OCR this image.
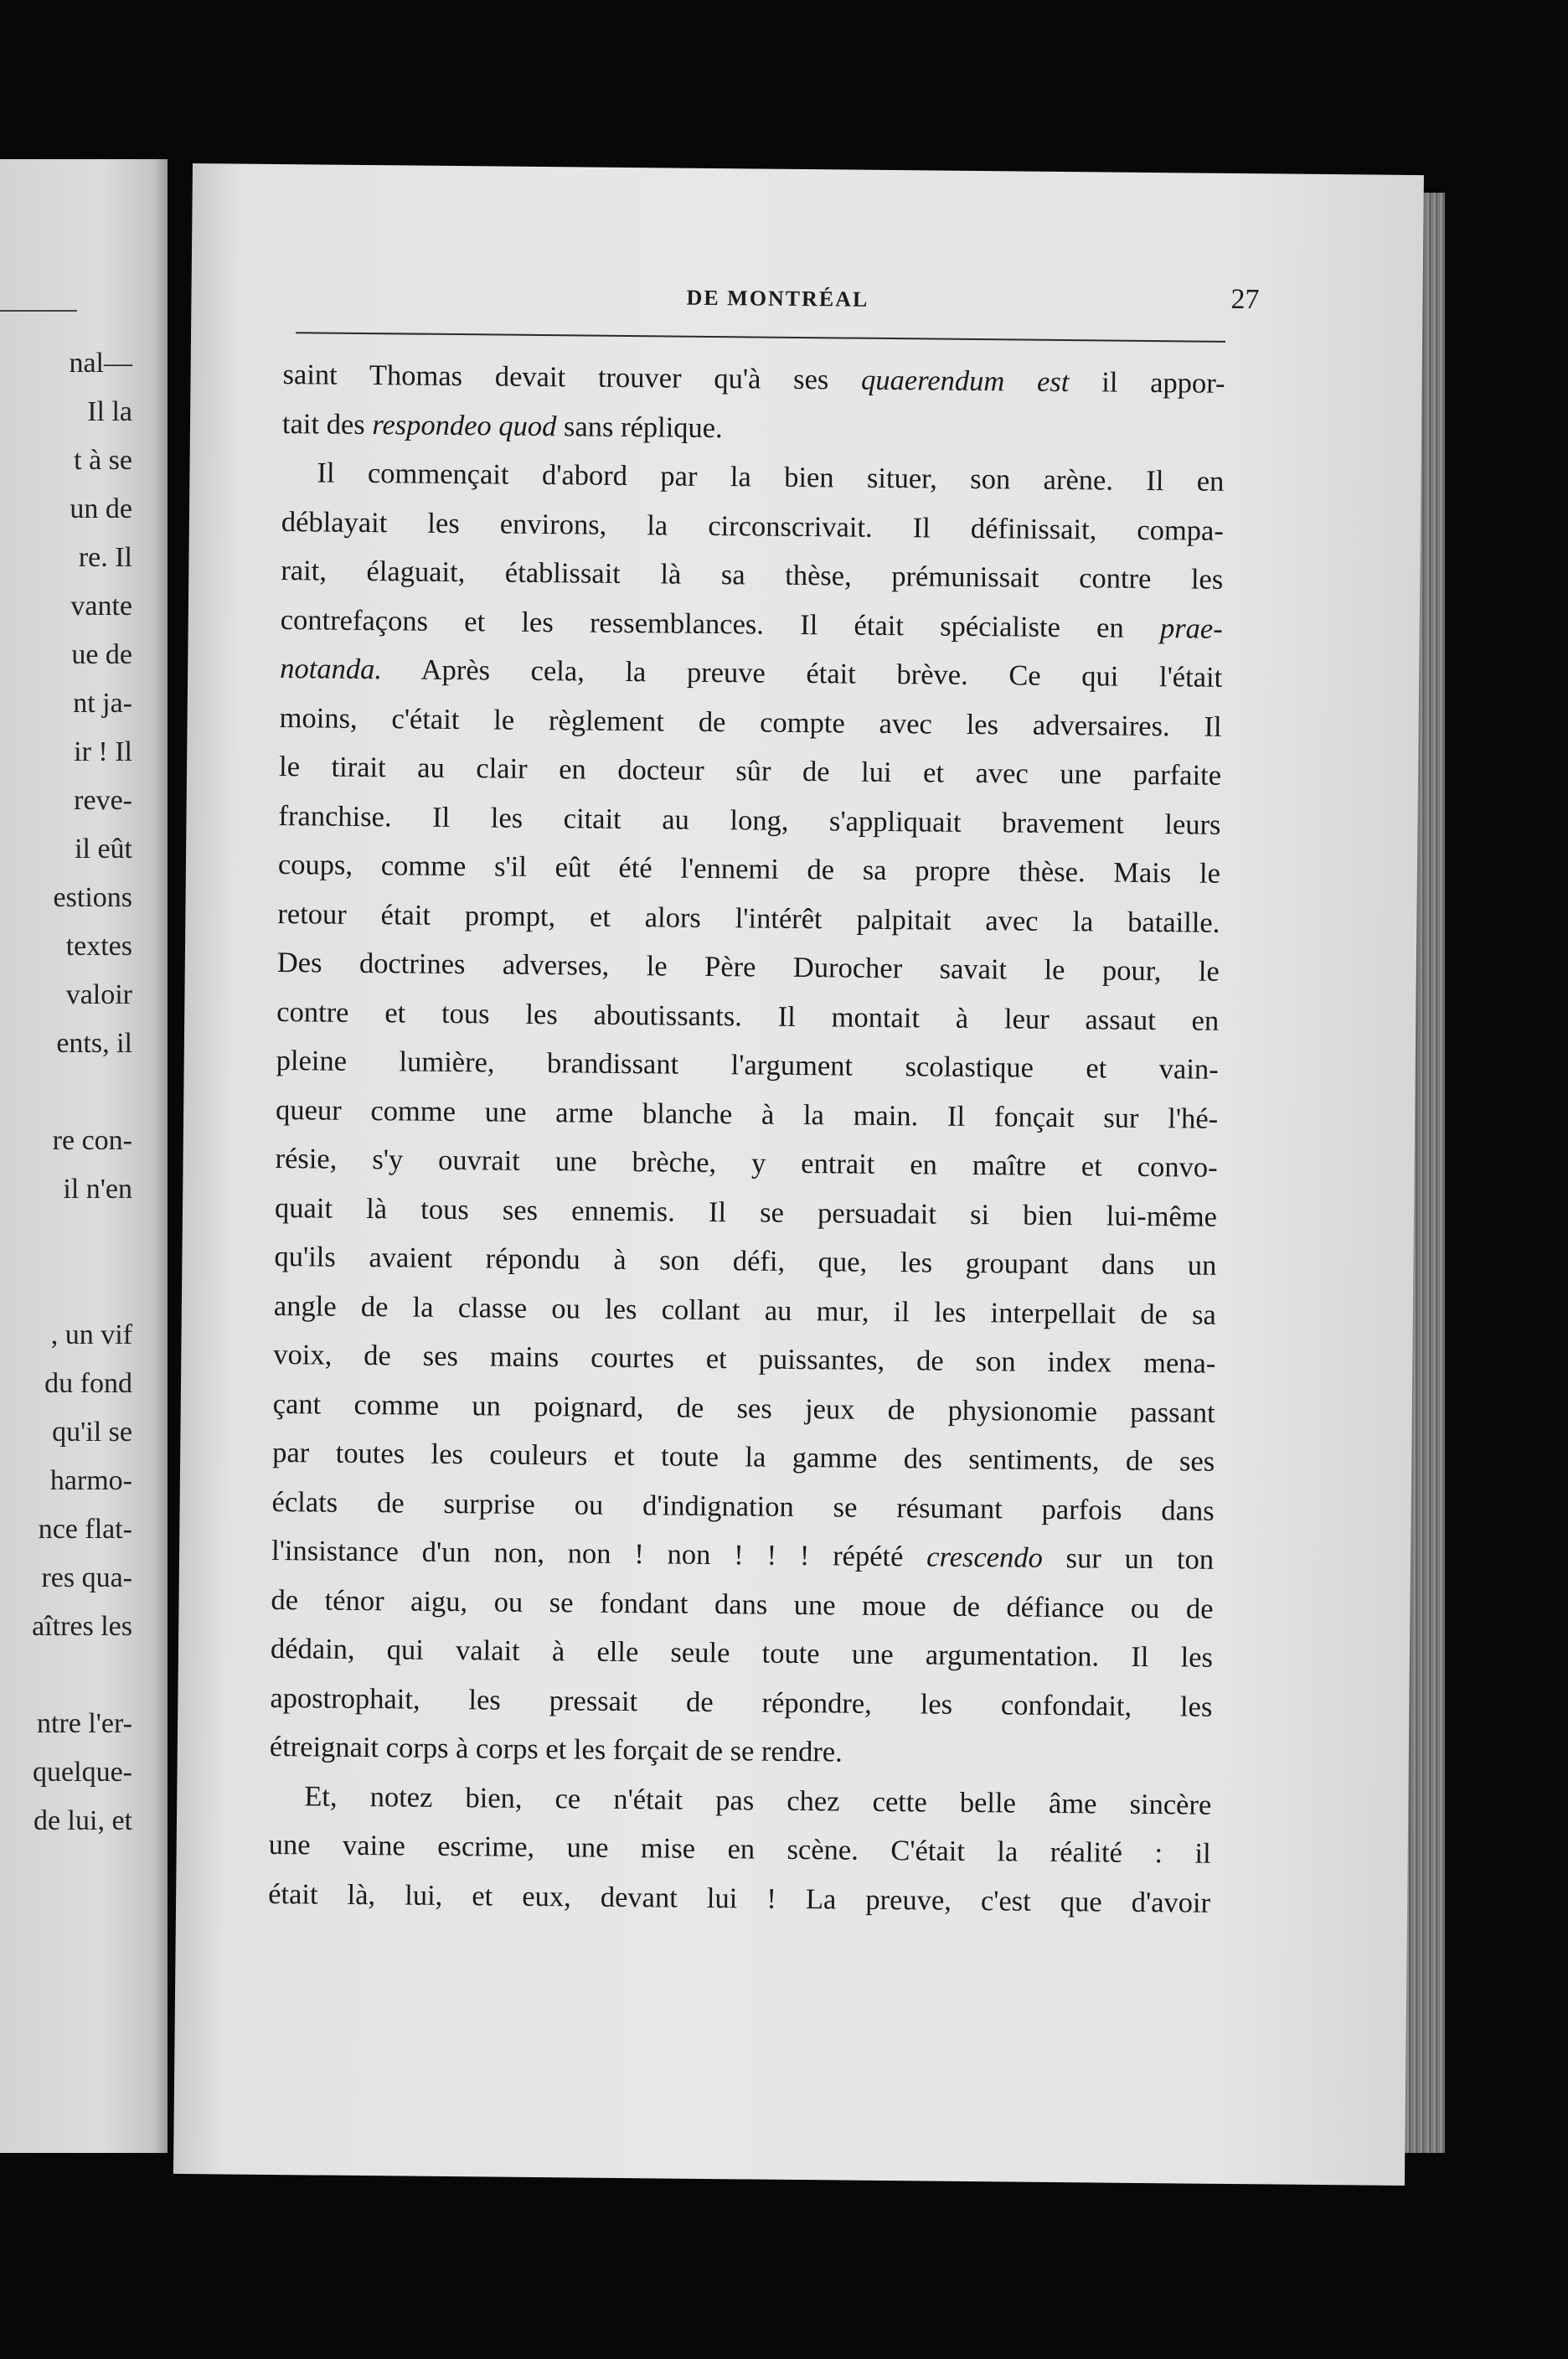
nal—
Il la
t à se
un de
re. Il
vante
ue de
nt ja-
ir ! Il
reve-
il eût
estions
textes
valoir
ents, il

re con-
il n'en

, un vif
du fond
qu'il se
harmo-
nce flat-
res qua-
aîtres les

ntre l'er-
quelque-
de lui, et
DE MONTRÉAL	27
saint Thomas devait trouver qu'à ses quaerendum est il appor-
tait des respondeo quod sans réplique.
Il commençait d'abord par la bien situer, son arène. Il en
déblayait les environs, la circonscrivait. Il définissait, compa-
rait, élaguait, établissait là sa thèse, prémunissait contre les
contrefaçons et les ressemblances. Il était spécialiste en prae-
notanda. Après cela, la preuve était brève. Ce qui l'était
moins, c'était le règlement de compte avec les adversaires. Il
le tirait au clair en docteur sûr de lui et avec une parfaite
franchise. Il les citait au long, s'appliquait bravement leurs
coups, comme s'il eût été l'ennemi de sa propre thèse. Mais le
retour était prompt, et alors l'intérêt palpitait avec la bataille.
Des doctrines adverses, le Père Durocher savait le pour, le
contre et tous les aboutissants. Il montait à leur assaut en
pleine lumière, brandissant l'argument scolastique et vain-
queur comme une arme blanche à la main. Il fonçait sur l'hé-
résie, s'y ouvrait une brèche, y entrait en maître et convo-
quait là tous ses ennemis. Il se persuadait si bien lui-même
qu'ils avaient répondu à son défi, que, les groupant dans un
angle de la classe ou les collant au mur, il les interpellait de sa
voix, de ses mains courtes et puissantes, de son index mena-
çant comme un poignard, de ses jeux de physionomie passant
par toutes les couleurs et toute la gamme des sentiments, de ses
éclats de surprise ou d'indignation se résumant parfois dans
l'insistance d'un non, non ! non ! ! ! répété crescendo sur un ton
de ténor aigu, ou se fondant dans une moue de défiance ou de
dédain, qui valait à elle seule toute une argumentation. Il les
apostrophait, les pressait de répondre, les confondait, les
étreignait corps à corps et les forçait de se rendre.
Et, notez bien, ce n'était pas chez cette belle âme sincère
une vaine escrime, une mise en scène. C'était la réalité : il
était là, lui, et eux, devant lui ! La preuve, c'est que d'avoir
